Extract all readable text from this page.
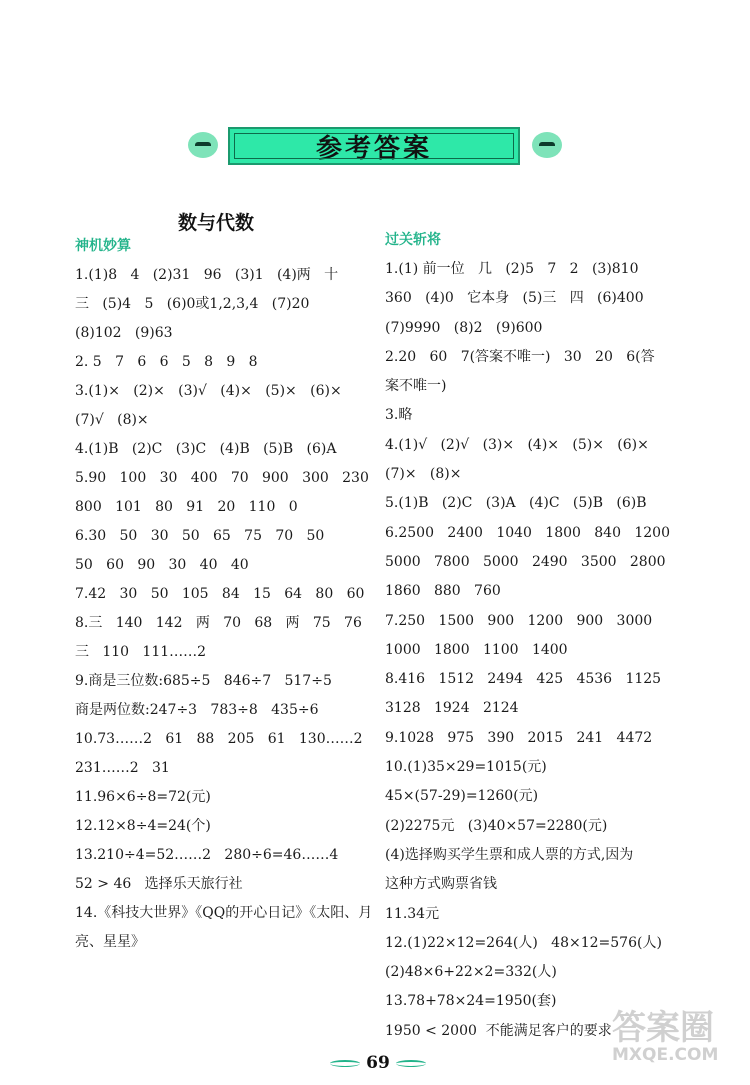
参考答案
数与代数
神机妙算
1.(1)8   4   (2)31   96   (3)1   (4)两   十
三   (5)4   5   (6)0或1,2,3,4   (7)20
(8)102   (9)63
2. 5   7   6   6   5   8   9   8
3.(1)×   (2)×   (3)√   (4)×   (5)×   (6)×
(7)√   (8)×
4.(1)B   (2)C   (3)C   (4)B   (5)B   (6)A
5.90   100   30   400   70   900   300   230
800   101   80   91   20   110   0
6.30   50   30   50   65   75   70   50
50   60   90   30   40   40
7.42   30   50   105   84   15   64   80   60
8.三   140   142   两   70   68   两   75   76
三   110   111……2
9.商是三位数:685÷5   846÷7   517÷5
商是两位数:247÷3   783÷8   435÷6
10.73……2   61   88   205   61   130……2
231……2   31
11.96×6÷8=72(元)
12.12×8÷4=24(个)
13.210÷4=52……2   280÷6=46……4
52 > 46   选择乐天旅行社
14.《科技大世界》《QQ的开心日记》《太阳、月
亮、星星》
过关斩将
1.(1) 前一位   几   (2)5   7   2   (3)810
360   (4)0   它本身   (5)三   四   (6)400
(7)9990   (8)2   (9)600
2.20   60   7(答案不唯一)   30   20   6(答
案不唯一)
3.略
4.(1)√   (2)√   (3)×   (4)×   (5)×   (6)×
(7)×   (8)×
5.(1)B   (2)C   (3)A   (4)C   (5)B   (6)B
6.2500   2400   1040   1800   840   1200
5000   7800   5000   2490   3500   2800
1860   880   760
7.250   1500   900   1200   900   3000
1000   1800   1100   1400
8.416   1512   2494   425   4536   1125
3128   1924   2124
9.1028   975   390   2015   241   4472
10.(1)35×29=1015(元)
45×(57-29)=1260(元)
(2)2275元   (3)40×57=2280(元)
(4)选择购买学生票和成人票的方式,因为
这种方式购票省钱
11.34元
12.(1)22×12=264(人)   48×12=576(人)
(2)48×6+22×2=332(人)
13.78+78×24=1950(套)
1950 < 2000  不能满足客户的要求
69
答案圈
MXQE.COM
